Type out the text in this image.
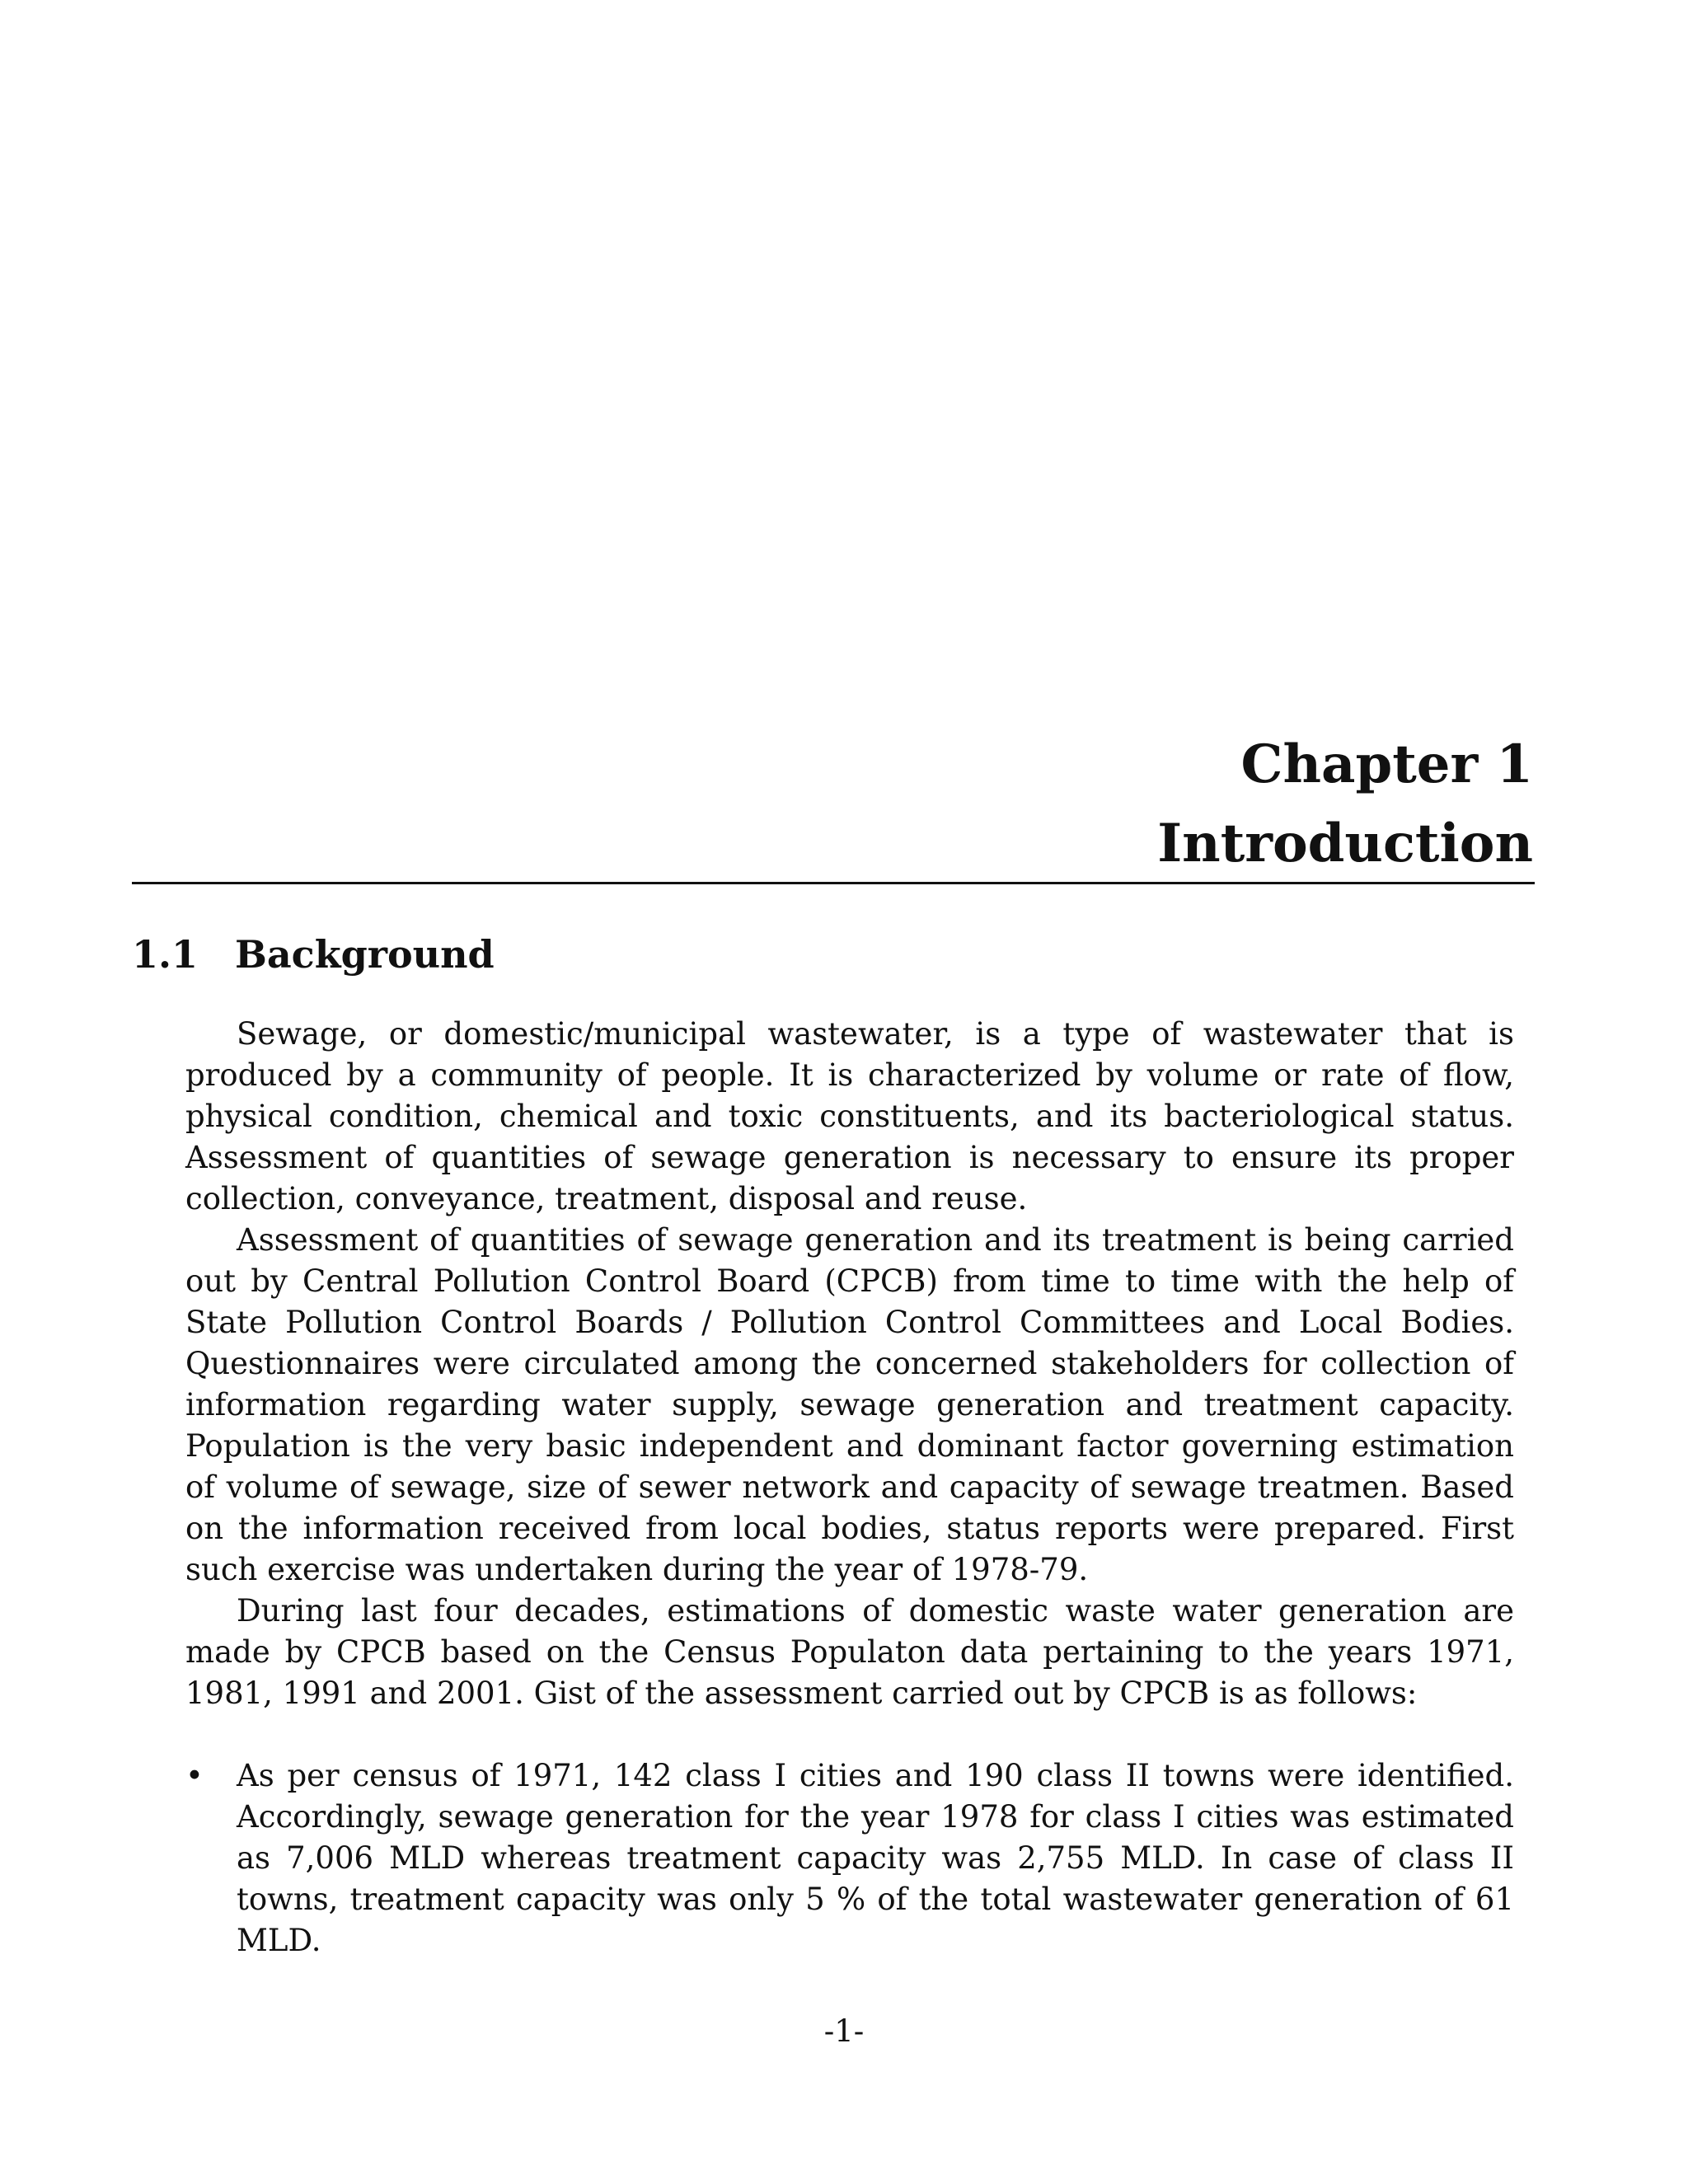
Chapter 1
Introduction
1.1 Background

Sewage, or domestic/municipal wastewater, is a type of wastewater that is produced by a community of people. It is characterized by volume or rate of flow, physical condition, chemical and toxic constituents, and its bacteriological status. Assessment of quantities of sewage generation is necessary to ensure its proper collection, conveyance, treatment, disposal and reuse.

Assessment of quantities of sewage generation and its treatment is being carried out by Central Pollution Control Board (CPCB) from time to time with the help of State Pollution Control Boards / Pollution Control Committees and Local Bodies. Questionnaires were circulated among the concerned stakeholders for collection of information regarding water supply, sewage generation and treatment capacity. Population is the very basic independent and dominant factor governing estimation of volume of sewage, size of sewer network and capacity of sewage treatmen. Based on the information received from local bodies, status reports were prepared. First such exercise was undertaken during the year of 1978-79.

During last four decades, estimations of domestic waste water generation are made by CPCB based on the Census Populaton data pertaining to the years 1971, 1981, 1991 and 2001. Gist of the assessment carried out by CPCB is as follows:

• As per census of 1971, 142 class I cities and 190 class II towns were identified. Accordingly, sewage generation for the year 1978 for class I cities was estimated as 7,006 MLD whereas treatment capacity was 2,755 MLD. In case of class II towns, treatment capacity was only 5 % of the total wastewater generation of 61 MLD.
-1-
